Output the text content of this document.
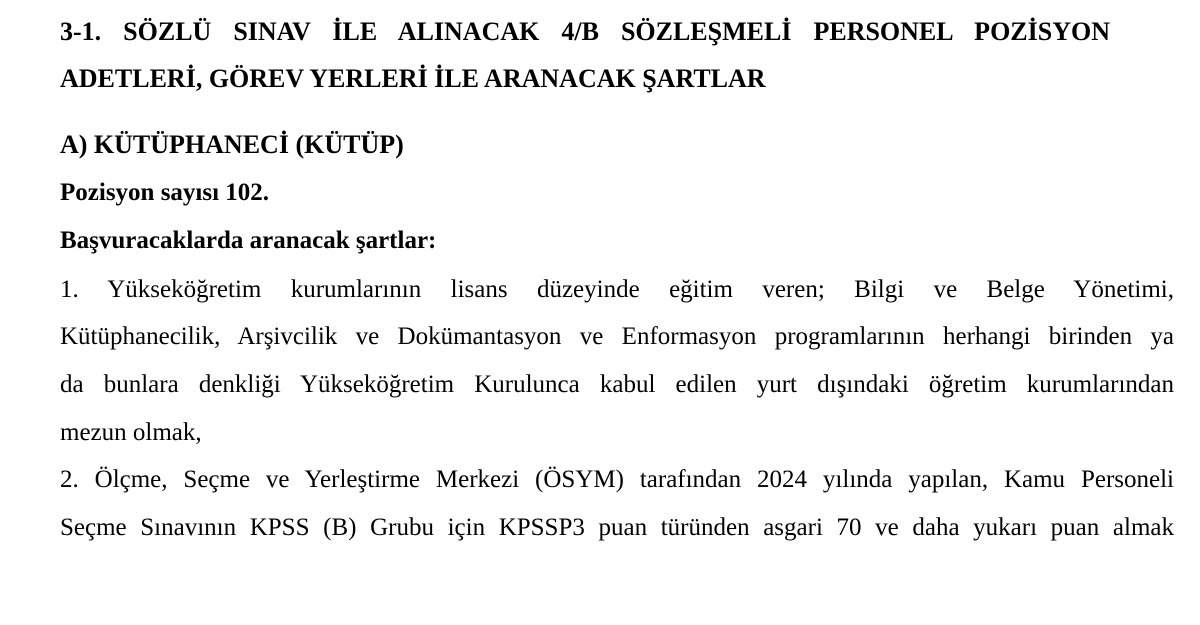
3-1. SÖZLÜ SINAV İLE ALINACAK 4/B SÖZLEŞMELİ PERSONEL POZİSYON
ADETLERİ, GÖREV YERLERİ İLE ARANACAK ŞARTLAR
A) KÜTÜPHANECİ (KÜTÜP)
Pozisyon sayısı 102.
Başvuracaklarda aranacak şartlar:
1. Yükseköğretim kurumlarının lisans düzeyinde eğitim veren; Bilgi ve Belge Yönetimi,
Kütüphanecilik, Arşivcilik ve Dokümantasyon ve Enformasyon programlarının herhangi birinden ya
da bunlara denkliği Yükseköğretim Kurulunca kabul edilen yurt dışındaki öğretim kurumlarından
mezun olmak,
2. Ölçme, Seçme ve Yerleştirme Merkezi (ÖSYM) tarafından 2024 yılında yapılan, Kamu Personeli
Seçme Sınavının KPSS (B) Grubu için KPSSP3 puan türünden asgari 70 ve daha yukarı puan almak
